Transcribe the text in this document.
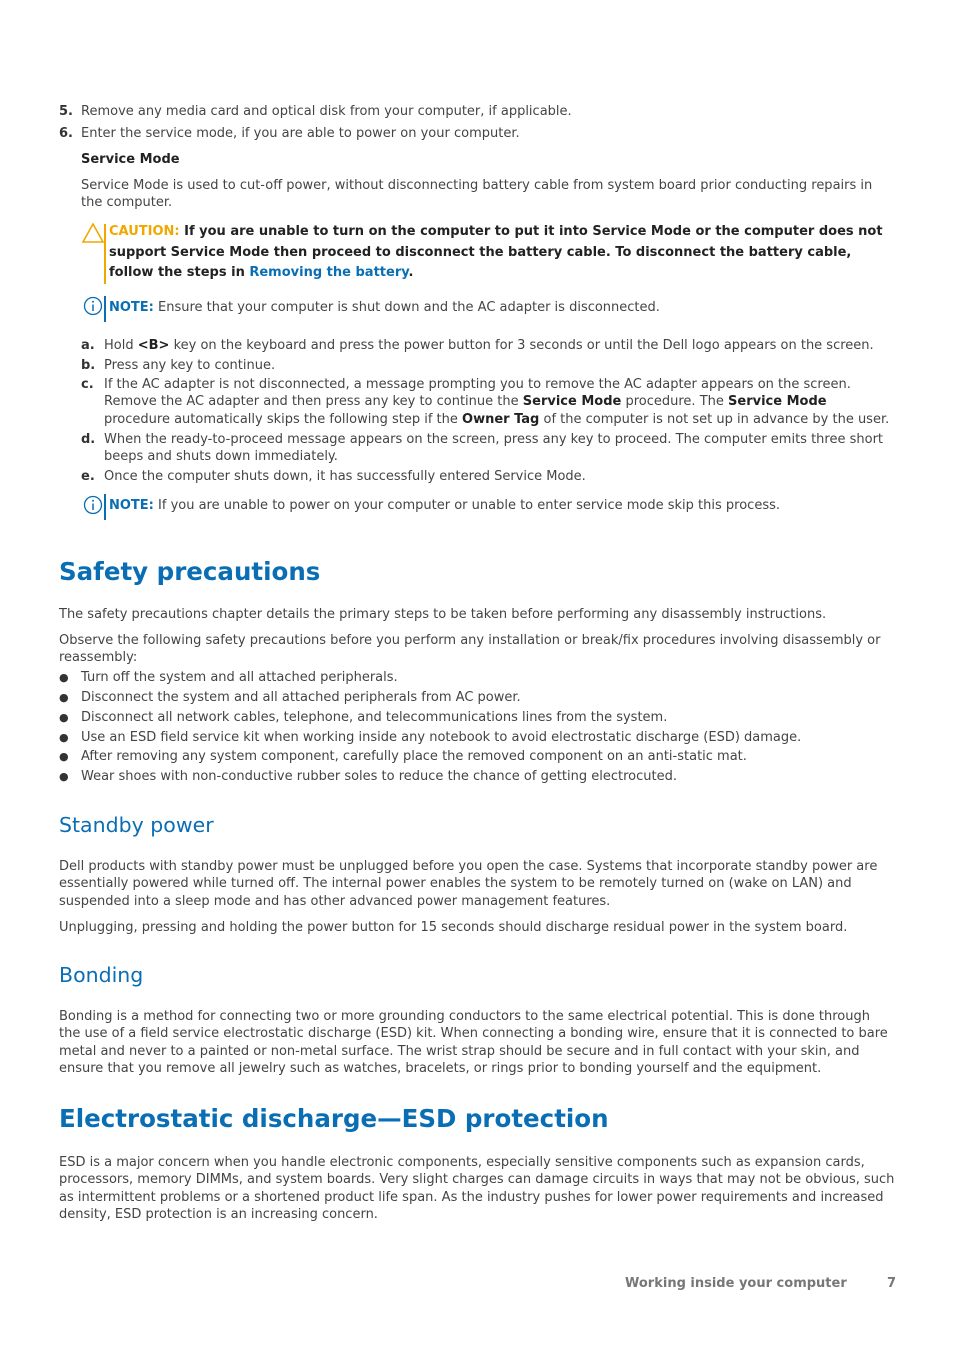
5. Remove any media card and optical disk from your computer, if applicable.
6. Enter the service mode, if you are able to power on your computer.
Service Mode
Service Mode is used to cut-off power, without disconnecting battery cable from system board prior conducting repairs in the computer.
CAUTION: If you are unable to turn on the computer to put it into Service Mode or the computer does not support Service Mode then proceed to disconnect the battery cable. To disconnect the battery cable, follow the steps in Removing the battery.
NOTE: Ensure that your computer is shut down and the AC adapter is disconnected.
a. Hold <B> key on the keyboard and press the power button for 3 seconds or until the Dell logo appears on the screen.
b. Press any key to continue.
c. If the AC adapter is not disconnected, a message prompting you to remove the AC adapter appears on the screen. Remove the AC adapter and then press any key to continue the Service Mode procedure. The Service Mode procedure automatically skips the following step if the Owner Tag of the computer is not set up in advance by the user.
d. When the ready-to-proceed message appears on the screen, press any key to proceed. The computer emits three short beeps and shuts down immediately.
e. Once the computer shuts down, it has successfully entered Service Mode.
NOTE: If you are unable to power on your computer or unable to enter service mode skip this process.
Safety precautions
The safety precautions chapter details the primary steps to be taken before performing any disassembly instructions.
Observe the following safety precautions before you perform any installation or break/fix procedures involving disassembly or reassembly:
● Turn off the system and all attached peripherals.
● Disconnect the system and all attached peripherals from AC power.
● Disconnect all network cables, telephone, and telecommunications lines from the system.
● Use an ESD field service kit when working inside any notebook to avoid electrostatic discharge (ESD) damage.
● After removing any system component, carefully place the removed component on an anti-static mat.
● Wear shoes with non-conductive rubber soles to reduce the chance of getting electrocuted.
Standby power
Dell products with standby power must be unplugged before you open the case. Systems that incorporate standby power are essentially powered while turned off. The internal power enables the system to be remotely turned on (wake on LAN) and suspended into a sleep mode and has other advanced power management features.
Unplugging, pressing and holding the power button for 15 seconds should discharge residual power in the system board.
Bonding
Bonding is a method for connecting two or more grounding conductors to the same electrical potential. This is done through the use of a field service electrostatic discharge (ESD) kit. When connecting a bonding wire, ensure that it is connected to bare metal and never to a painted or non-metal surface. The wrist strap should be secure and in full contact with your skin, and ensure that you remove all jewelry such as watches, bracelets, or rings prior to bonding yourself and the equipment.
Electrostatic discharge—ESD protection
ESD is a major concern when you handle electronic components, especially sensitive components such as expansion cards, processors, memory DIMMs, and system boards. Very slight charges can damage circuits in ways that may not be obvious, such as intermittent problems or a shortened product life span. As the industry pushes for lower power requirements and increased density, ESD protection is an increasing concern.
Working inside your computer	7
